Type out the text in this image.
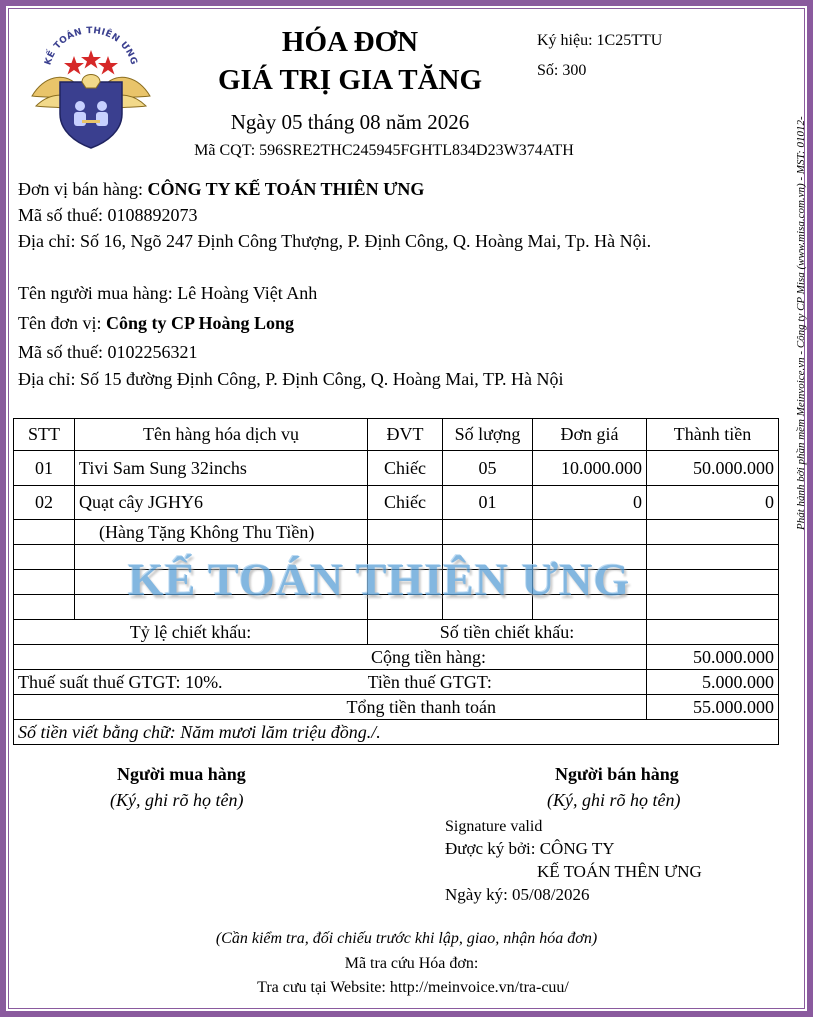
KẾ TOÁN THIÊN ƯNG
HÓA ĐƠN
GIÁ TRỊ GIA TĂNG
Ngày 05 tháng 08 năm 2026
Mã CQT: 596SRE2THC245945FGHTL834D23W374ATH
Ký hiệu: 1C25TTU
Số: 300
Đơn vị bán hàng: CÔNG TY KẾ TOÁN THIÊN ƯNG
Mã số thuế: 0108892073
Địa chỉ: Số 16, Ngõ 247 Định Công Thượng, P. Định Công, Q. Hoàng Mai, Tp. Hà Nội.
Tên người mua hàng: Lê Hoàng Việt Anh
Tên đơn vị: Công ty CP Hoàng Long
Mã số thuế: 0102256321
Địa chỉ: Số 15 đường Định Công, P. Định Công, Q. Hoàng Mai, TP. Hà Nội
STT	Tên hàng hóa dịch vụ	ĐVT	Số lượng	Đơn giá	Thành tiền
01	Tivi Sam Sung 32inchs	Chiếc	05	10.000.000	50.000.000
02	Quạt cây JGHY6	Chiếc	01	0	0
	(Hàng Tặng Không Thu Tiền)				

Tỷ lệ chiết khấu:		Số tiền chiết khấu:			
Cộng tiền hàng:					50.000.000
Thuế suất thuế GTGT: 10%.		Tiền thuế GTGT:			5.000.000
Tổng tiền thanh toán					55.000.000
Số tiền viết bằng chữ: Năm mươi lăm triệu đồng./.					
KẾ TOÁN THIÊN ƯNG
Phát hành bởi phần mềm Meinvoice.vn - Công ty CP Misa (www.misa.com.vn) - MST: 01012-
Người mua hàng
(Ký, ghi rõ họ tên)
Người bán hàng
(Ký, ghi rõ họ tên)
Signature valid
Được ký bởi: CÔNG TY
KẾ TOÁN THÊN ƯNG
Ngày ký: 05/08/2026
(Cần kiểm tra, đối chiếu trước khi lập, giao, nhận hóa đơn)
Mã tra cứu Hóa đơn:
Tra cưu tại Website: http://meinvoice.vn/tra-cuu/
